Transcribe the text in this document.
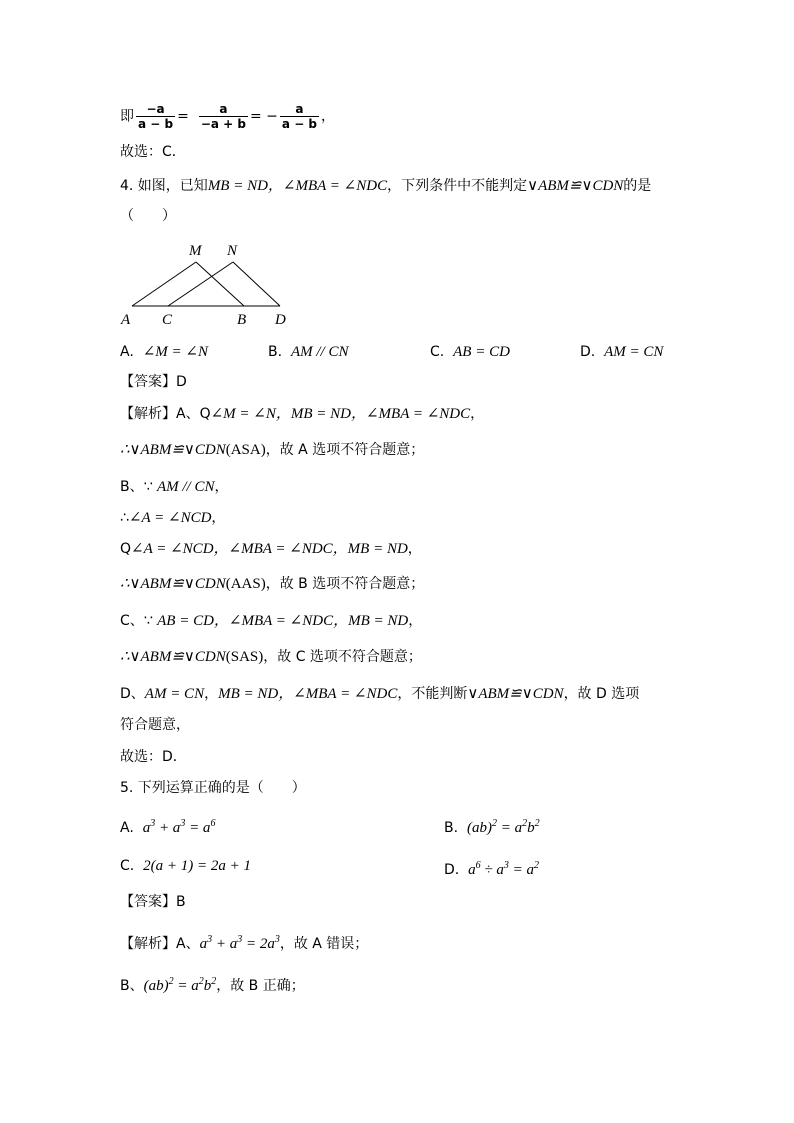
即 $\frac{-a}{a - b} = \frac{a}{-a + b}$ = − $\frac{a}{a - b}$ ，
故选：C．
4. 如图，已知MB = ND，∠MBA = ∠NDC，下列条件中不能判定∨ABM≌∨CDN的是
（　　）
M N
A C	B D
A. ∠M = ∠N	B. AM // CN	C. AB = CD	D. AM = CN
【答案】D
【解析】A、Q∠M = ∠N，MB = ND，∠MBA = ∠NDC，
∴∨ABM≌∨CDN(ASA)，故 A 选项不符合题意；
B、∵ AM // CN，
∴∠A = ∠NCD，
Q∠A = ∠NCD，∠MBA = ∠NDC，MB = ND，
∴∨ABM≌∨CDN(AAS)，故 B 选项不符合题意；
C、∵ AB = CD，∠MBA = ∠NDC，MB = ND，
∴∨ABM≌∨CDN(SAS)，故 C 选项不符合题意；
D、AM = CN，MB = ND，∠MBA = ∠NDC，不能判断∨ABM≌∨CDN，故 D 选项
符合题意，
故选：D．
5. 下列运算正确的是（　　）
A. $a^3 + a^3 = a^6$	B. $(ab)^2 = a^2b^2$
C. 2(a + 1) = 2a + 1	D. $a^6 \div a^3 = a^2$
【答案】B
【解析】A、$a^3 + a^3 = 2a^3$，故 A 错误；
B、$(ab)^2 = a^2b^2$，故 B 正确；
